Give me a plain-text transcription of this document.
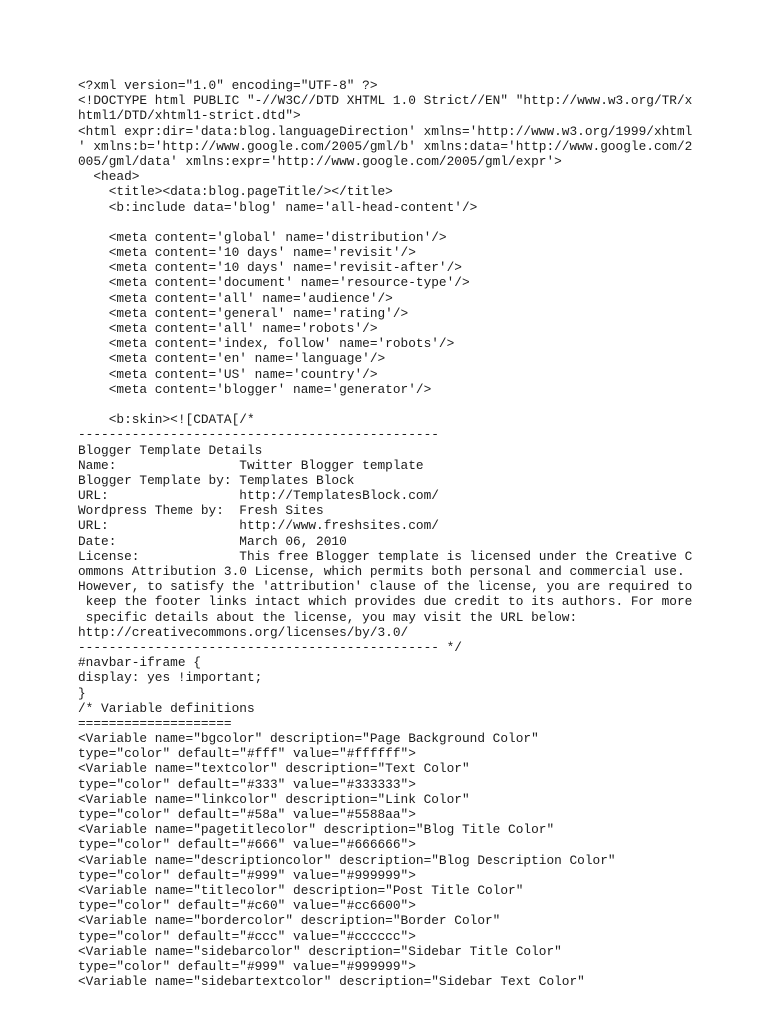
<?xml version="1.0" encoding="UTF-8" ?>
<!DOCTYPE html PUBLIC "-//W3C//DTD XHTML 1.0 Strict//EN" "http://www.w3.org/TR/x
html1/DTD/xhtml1-strict.dtd">
<html expr:dir='data:blog.languageDirection' xmlns='http://www.w3.org/1999/xhtml
' xmlns:b='http://www.google.com/2005/gml/b' xmlns:data='http://www.google.com/2
005/gml/data' xmlns:expr='http://www.google.com/2005/gml/expr'>
<head>
<title><data:blog.pageTitle/></title>
<b:include data='blog' name='all-head-content'/>
<meta content='global' name='distribution'/>
<meta content='10 days' name='revisit'/>
<meta content='10 days' name='revisit-after'/>
<meta content='document' name='resource-type'/>
<meta content='all' name='audience'/>
<meta content='general' name='rating'/>
<meta content='all' name='robots'/>
<meta content='index, follow' name='robots'/>
<meta content='en' name='language'/>
<meta content='US' name='country'/>
<meta content='blogger' name='generator'/>
<b:skin><![CDATA[/*
-----------------------------------------------
Blogger Template Details
Name:                Twitter Blogger template
Blogger Template by: Templates Block
URL:                 http://TemplatesBlock.com/
Wordpress Theme by:  Fresh Sites
URL:                 http://www.freshsites.com/
Date:                March 06, 2010
License:             This free Blogger template is licensed under the Creative C
ommons Attribution 3.0 License, which permits both personal and commercial use.
However, to satisfy the 'attribution' clause of the license, you are required to
keep the footer links intact which provides due credit to its authors. For more
specific details about the license, you may visit the URL below:
http://creativecommons.org/licenses/by/3.0/
----------------------------------------------- */
#navbar-iframe {
display: yes !important;
}
/* Variable definitions
====================
<Variable name="bgcolor" description="Page Background Color"
type="color" default="#fff" value="#ffffff">
<Variable name="textcolor" description="Text Color"
type="color" default="#333" value="#333333">
<Variable name="linkcolor" description="Link Color"
type="color" default="#58a" value="#5588aa">
<Variable name="pagetitlecolor" description="Blog Title Color"
type="color" default="#666" value="#666666">
<Variable name="descriptioncolor" description="Blog Description Color"
type="color" default="#999" value="#999999">
<Variable name="titlecolor" description="Post Title Color"
type="color" default="#c60" value="#cc6600">
<Variable name="bordercolor" description="Border Color"
type="color" default="#ccc" value="#cccccc">
<Variable name="sidebarcolor" description="Sidebar Title Color"
type="color" default="#999" value="#999999">
<Variable name="sidebartextcolor" description="Sidebar Text Color"
